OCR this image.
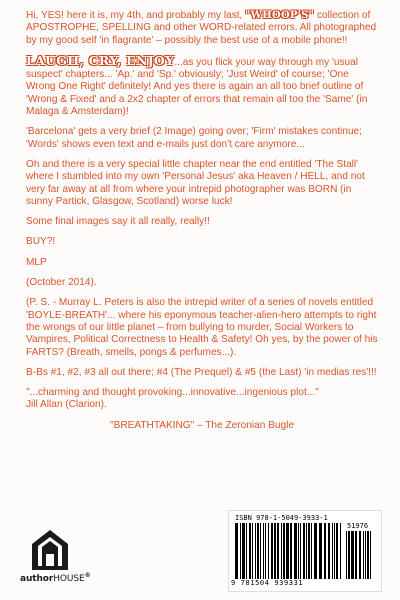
Hi, YES! here it is, my 4th, and probably my last, "WHOOP'S" collection of APOSTROPHE, SPELLING and other WORD-related errors. All photographed by my good self 'in flagrante' – possibly the best use of a mobile phone!!

LAUGH, CRY, ENJOY...as you flick your way through my 'usual suspect' chapters... 'Ap.' and 'Sp.' obviously; 'Just Weird' of course; 'One Wrong One Right' definitely! And yes there is again an all too brief outline of 'Wrong & Fixed' and a 2x2 chapter of errors that remain all too the 'Same' (in Malaga & Amsterdam)!

'Barcelona' gets a very brief (2 Image) going over; 'Firm' mistakes continue; 'Words' shows even text and e-mails just don't care anymore...

Oh and there is a very special little chapter near the end entitled 'The Stall' where I stumbled into my own 'Personal Jesus' aka Heaven / HELL, and not very far away at all from where your intrepid photographer was BORN (in sunny Partick, Glasgow, Scotland) worse luck!

Some final images say it all really, really!!

BUY?!

MLP

(October 2014).

(P. S. - Murray L. Peters is also the intrepid writer of a series of novels entitled 'BOYLE-BREATH'... where his eponymous teacher-alien-hero attempts to right the wrongs of our little planet – from bullying to murder, Social Workers to Vampires, Political Correctness to Health & Safety! Oh yes, by the power of his FARTS? (Breath, smells, pongs & perfumes...).

B-Bs #1, #2, #3 all out there; #4 (The Prequel) & #5 (the Last) 'in medias res'!!!

"...charming and thought provoking...innovative...ingenious plot..."
Jill Allan (Clarion).

"BREATHTAKING" – The Zeronian Bugle

authorHOUSE®
ISBN 978-1-5049-3933-1
51976
9 781504 939331
